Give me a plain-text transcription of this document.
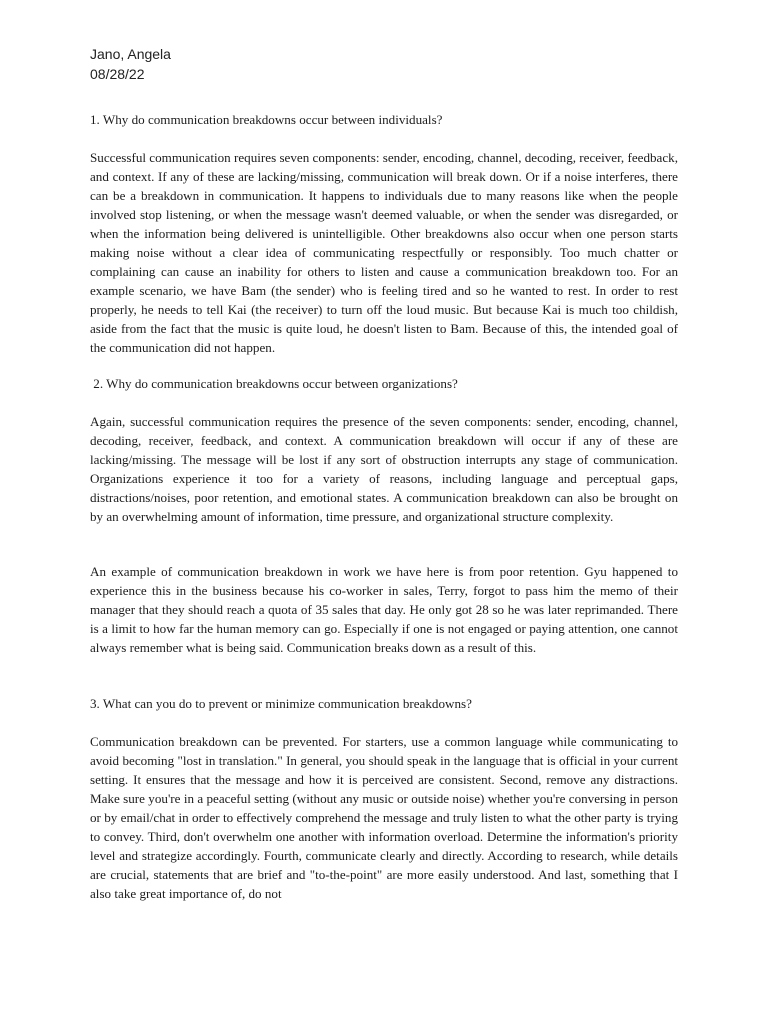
Jano, Angela
08/28/22
1. Why do communication breakdowns occur between individuals?
Successful communication requires seven components: sender, encoding, channel, decoding, receiver, feedback, and context. If any of these are lacking/missing, communication will break down. Or if a noise interferes, there can be a breakdown in communication. It happens to individuals due to many reasons like when the people involved stop listening, or when the message wasn't deemed valuable, or when the sender was disregarded, or when the information being delivered is unintelligible. Other breakdowns also occur when one person starts making noise without a clear idea of communicating respectfully or responsibly. Too much chatter or complaining can cause an inability for others to listen and cause a communication breakdown too. For an example scenario, we have Bam (the sender) who is feeling tired and so he wanted to rest. In order to rest properly, he needs to tell Kai (the receiver) to turn off the loud music. But because Kai is much too childish, aside from the fact that the music is quite loud, he doesn't listen to Bam. Because of this, the intended goal of the communication did not happen.
2. Why do communication breakdowns occur between organizations?
Again, successful communication requires the presence of the seven components: sender, encoding, channel, decoding, receiver, feedback, and context. A communication breakdown will occur if any of these are lacking/missing. The message will be lost if any sort of obstruction interrupts any stage of communication. Organizations experience it too for a variety of reasons, including language and perceptual gaps, distractions/noises, poor retention, and emotional states. A communication breakdown can also be brought on by an overwhelming amount of information, time pressure, and organizational structure complexity.
An example of communication breakdown in work we have here is from poor retention. Gyu happened to experience this in the business because his co-worker in sales, Terry, forgot to pass him the memo of their manager that they should reach a quota of 35 sales that day. He only got 28 so he was later reprimanded. There is a limit to how far the human memory can go. Especially if one is not engaged or paying attention, one cannot always remember what is being said. Communication breaks down as a result of this.
3. What can you do to prevent or minimize communication breakdowns?
Communication breakdown can be prevented. For starters, use a common language while communicating to avoid becoming "lost in translation." In general, you should speak in the language that is official in your current setting. It ensures that the message and how it is perceived are consistent. Second, remove any distractions. Make sure you're in a peaceful setting (without any music or outside noise) whether you're conversing in person or by email/chat in order to effectively comprehend the message and truly listen to what the other party is trying to convey. Third, don't overwhelm one another with information overload. Determine the information's priority level and strategize accordingly. Fourth, communicate clearly and directly. According to research, while details are crucial, statements that are brief and "to-the-point" are more easily understood. And last, something that I also take great importance of, do not
